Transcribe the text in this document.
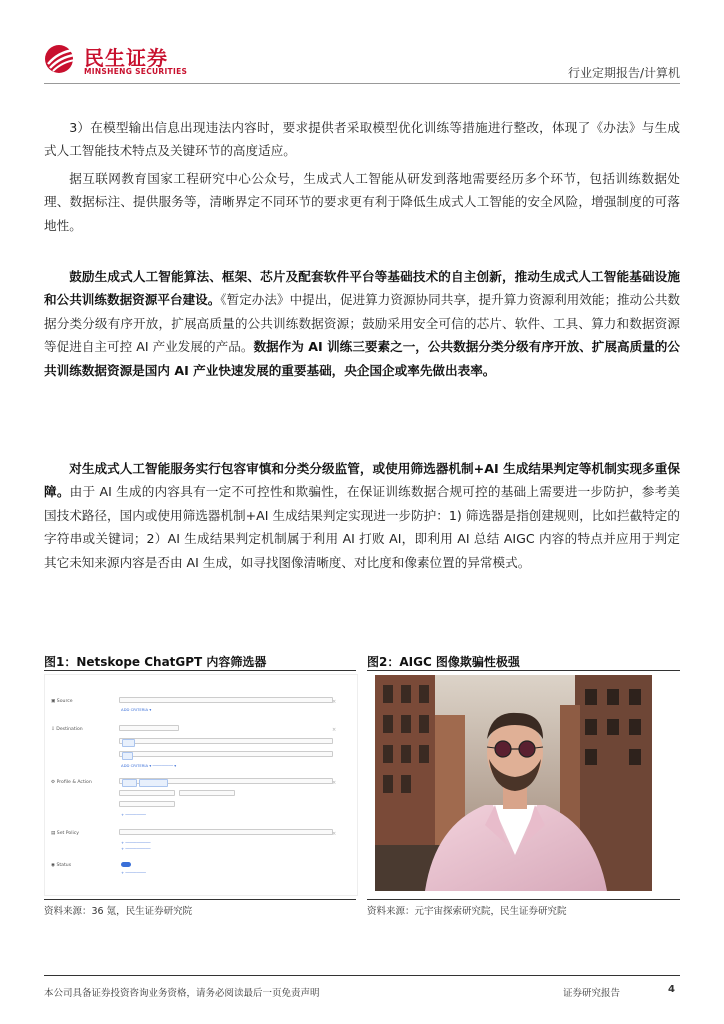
民生证券
MINSHENG SECURITIES	行业定期报告/计算机

3）在模型输出信息出现违法内容时，要求提供者采取模型优化训练等措施进行整改，体现了《办法》与生成式人工智能技术特点及关键环节的高度适应。

据互联网教育国家工程研究中心公众号，生成式人工智能从研发到落地需要经历多个环节，包括训练数据处理、数据标注、提供服务等，清晰界定不同环节的要求更有利于降低生成式人工智能的安全风险，增强制度的可落地性。

鼓励生成式人工智能算法、框架、芯片及配套软件平台等基础技术的自主创新，推动生成式人工智能基础设施和公共训练数据资源平台建设。《暂定办法》中提出，促进算力资源协同共享，提升算力资源利用效能；推动公共数据分类分级有序开放，扩展高质量的公共训练数据资源；鼓励采用安全可信的芯片、软件、工具、算力和数据资源等促进自主可控 AI 产业发展的产品。数据作为 AI 训练三要素之一，公共数据分类分级有序开放、扩展高质量的公共训练数据资源是国内 AI 产业快速发展的重要基础，央企国企或率先做出表率。

对生成式人工智能服务实行包容审慎和分类分级监管，或使用筛选器机制+AI 生成结果判定等机制实现多重保障。由于 AI 生成的内容具有一定不可控性和欺骗性，在保证训练数据合规可控的基础上需要进一步防护，参考美国技术路径，国内或使用筛选器机制+AI 生成结果判定实现进一步防护：1) 筛选器是指创建规则，比如拦截特定的字符串或关键词；2）AI 生成结果判定机制属于利用 AI 打败 AI，即利用 AI 总结 AIGC 内容的特点并应用于判定其它未知来源内容是否由 AI 生成，如寻找图像清晰度、对比度和像素位置的异常模式。

图1：Netskope ChatGPT 内容筛选器
▣ Source
ADD CRITERIA ▾
⇩ Destination

ADD CRITERIA ▾ ───────── ▾
⚙ Profile & Action

+ ─────────
▤ Set Policy
+ ───────────
+ ───────────
◉ Status
+ ─────────
×
×
×
×
资料来源：36 氪，民生证券研究院
图2：AIGC 图像欺骗性极强
资料来源：元宇宙探索研究院，民生证券研究院
本公司具备证券投资咨询业务资格，请务必阅读最后一页免责声明	证券研究报告	4
